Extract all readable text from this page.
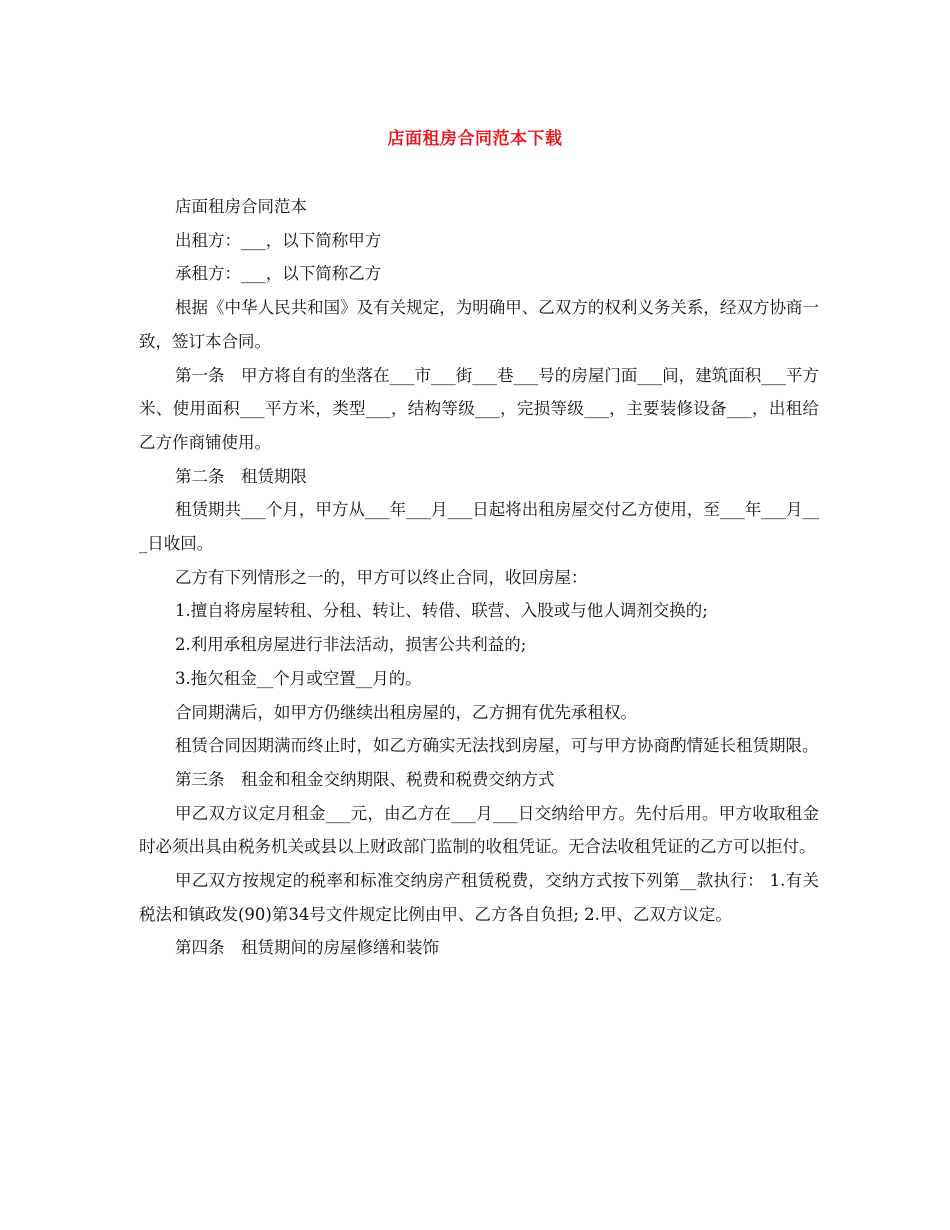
店面租房合同范本下载

店面租房合同范本

出租方：___，以下简称甲方

承租方：___，以下简称乙方

根据《中华人民共和国》及有关规定，为明确甲、乙双方的权利义务关系，经双方协商一致，签订本合同。

第一条　甲方将自有的坐落在___市___街___巷___号的房屋门面___间，建筑面积___平方米、使用面积___平方米，类型___，结构等级___，完损等级___，主要装修设备___，出租给乙方作商铺使用。

第二条　租赁期限

租赁期共___个月，甲方从___年___月___日起将出租房屋交付乙方使用，至___年___月___日收回。

乙方有下列情形之一的，甲方可以终止合同，收回房屋：

1.擅自将房屋转租、分租、转让、转借、联营、入股或与他人调剂交换的;

2.利用承租房屋进行非法活动，损害公共利益的;

3.拖欠租金__个月或空置__月的。

合同期满后，如甲方仍继续出租房屋的，乙方拥有优先承租权。

租赁合同因期满而终止时，如乙方确实无法找到房屋，可与甲方协商酌情延长租赁期限。

第三条　租金和租金交纳期限、税费和税费交纳方式

甲乙双方议定月租金___元，由乙方在___月___日交纳给甲方。先付后用。甲方收取租金时必须出具由税务机关或县以上财政部门监制的收租凭证。无合法收租凭证的乙方可以拒付。

甲乙双方按规定的税率和标准交纳房产租赁税费，交纳方式按下列第__款执行： 1.有关税法和镇政发(90)第34号文件规定比例由甲、乙方各自负担; 2.甲、乙双方议定。

第四条　租赁期间的房屋修缮和装饰
